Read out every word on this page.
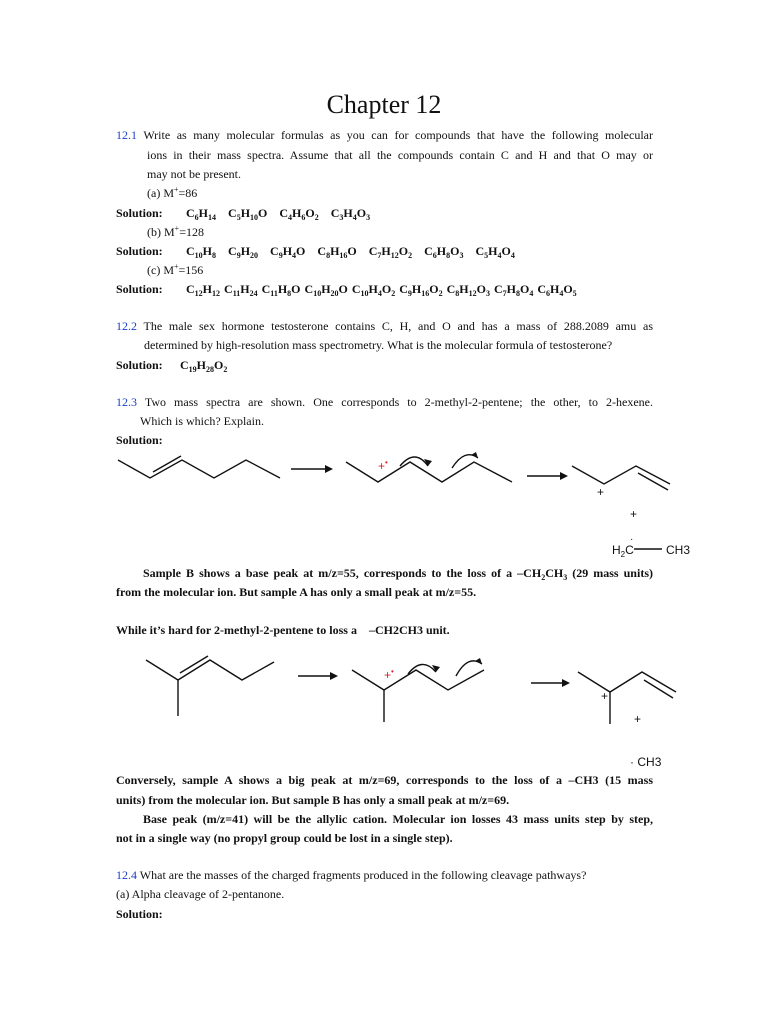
Chapter 12
12.1 Write as many molecular formulas as you can for compounds that have the following molecular
ions in their mass spectra. Assume that all the compounds contain C and H and that O may or
may not be present.
(a) M+=86
Solution: $C_6H_{14}$ $C_5H_{10}O$ $C_4H_6O_2$ $C_3H_4O_3$
(b) M+=128
Solution: $C_{10}H_8$ $C_9H_{20}$ $C_9H_4O$ $C_8H_{16}O$ $C_7H_{12}O_2$ $C_6H_8O_3$ $C_5H_4O_4$
(c) M+=156
Solution: $C_{12}H_{12}$ $C_{11}H_{24}$ $C_{11}H_8O$ $C_{10}H_{20}O$ $C_{10}H_4O_2$ $C_9H_{16}O_2$ $C_8H_{12}O_3$ $C_7H_8O_4$ $C_6H_4O_5$
12.2 The male sex hormone testosterone contains C, H, and O and has a mass of 288.2089 amu as
determined by high-resolution mass spectrometry. What is the molecular formula of testosterone?
Solution: $C_{19}H_{28}O_2$
12.3 Two mass spectra are shown. One corresponds to 2-methyl-2-pentene; the other, to 2-hexene.
Which is which? Explain.
Solution:
+•
+
+
$H_2C$	CH3
·
Sample B shows a base peak at m/z=55, corresponds to the loss of a $-CH_2CH_3$ (29 mass units)
from the molecular ion. But sample A has only a small peak at m/z=55.
While it’s hard for 2-methyl-2-pentene to loss a    –CH2CH3 unit.
+•
+
+
· CH3
Conversely, sample A shows a big peak at m/z=69, corresponds to the loss of a –CH3 (15 mass
units) from the molecular ion. But sample B has only a small peak at m/z=69.
Base peak (m/z=41) will be the allylic cation. Molecular ion losses 43 mass units step by step,
not in a single way (no propyl group could be lost in a single step).
12.4 What are the masses of the charged fragments produced in the following cleavage pathways?
(a) Alpha cleavage of 2-pentanone.
Solution:
